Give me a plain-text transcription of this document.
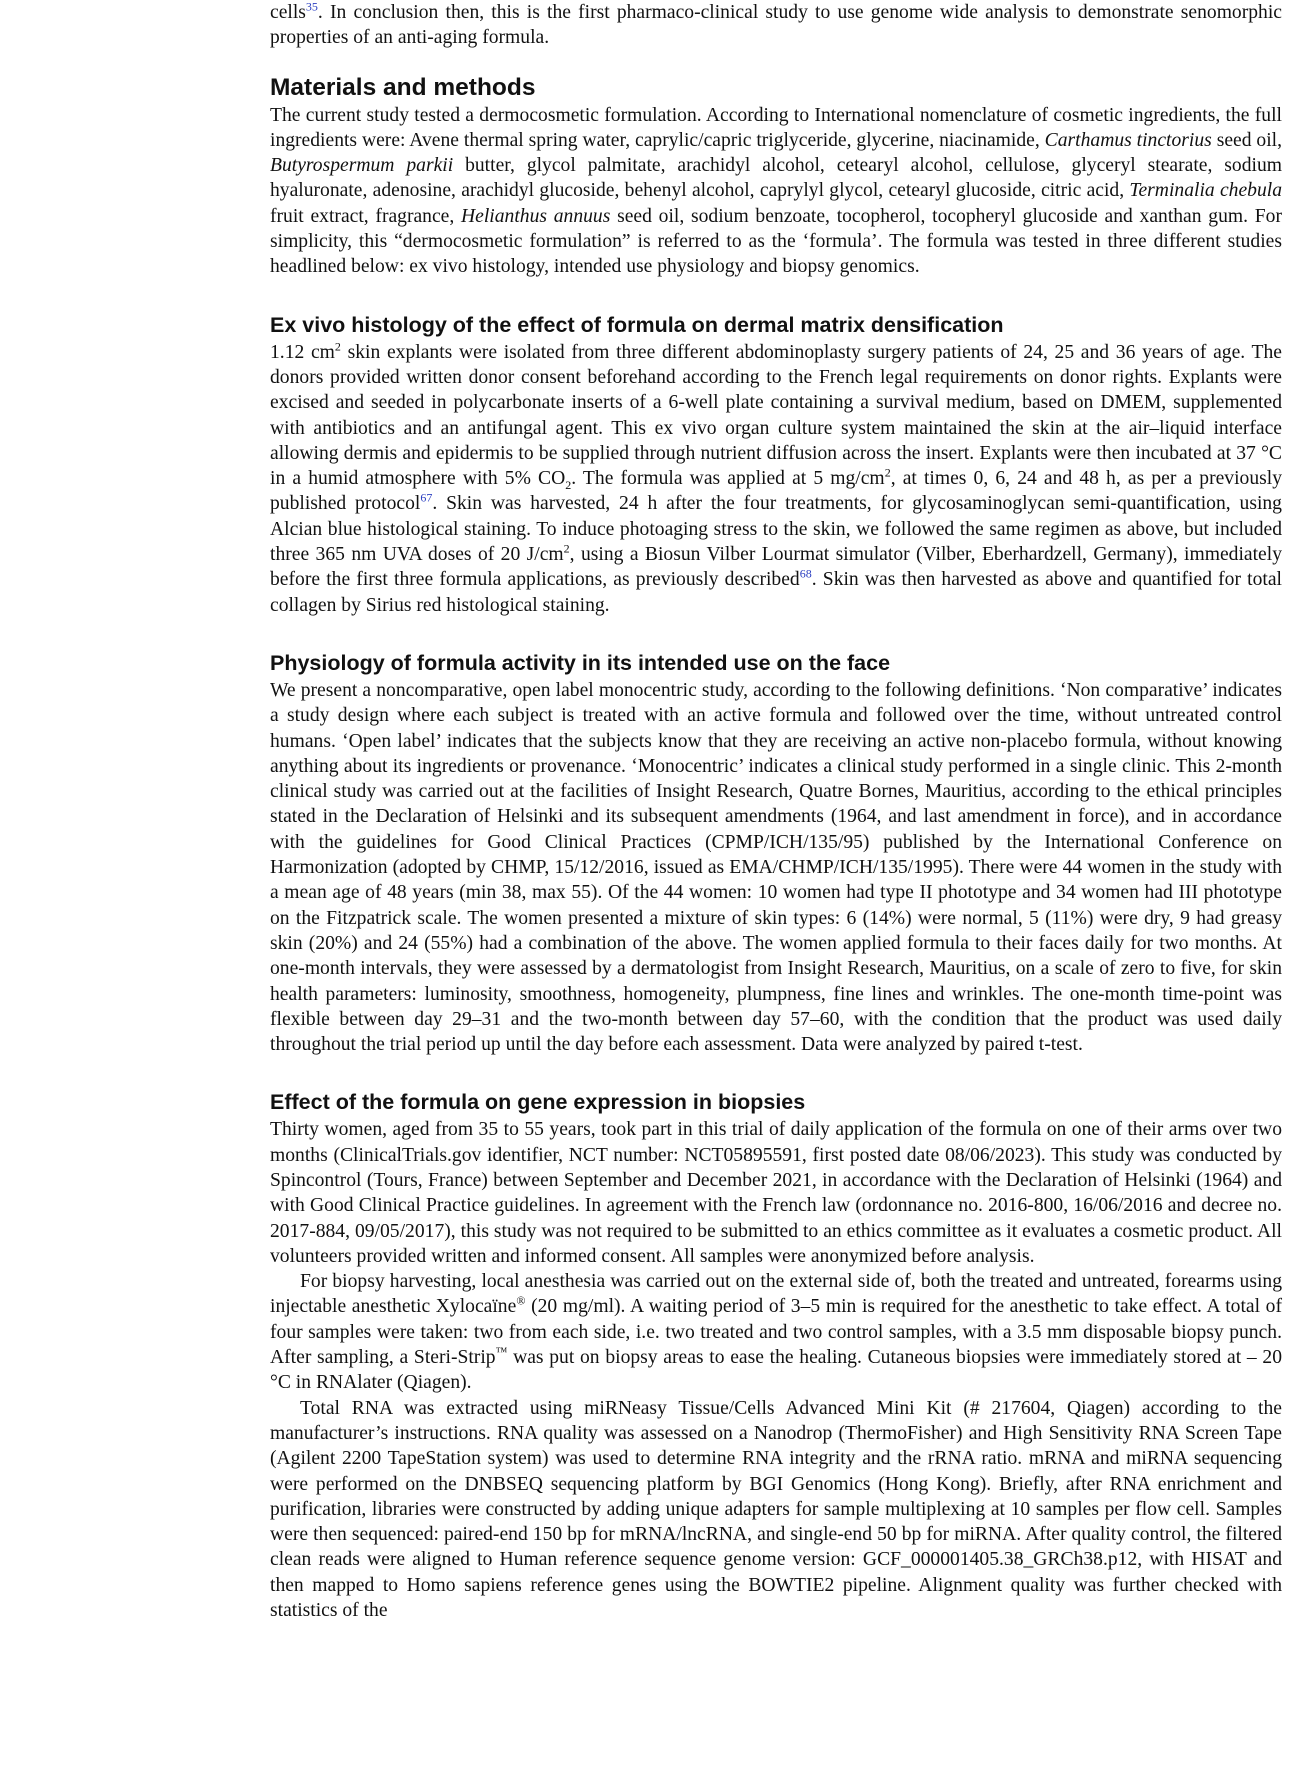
cells$^{35}$. In conclusion then, this is the first pharmaco-clinical study to use genome wide analysis to demonstrate senomorphic properties of an anti-aging formula.

Materials and methods

The current study tested a dermocosmetic formulation. According to International nomenclature of cosmetic ingredients, the full ingredients were: Avene thermal spring water, caprylic/capric triglyceride, glycerine, niacinamide, Carthamus tinctorius seed oil, Butyrospermum parkii butter, glycol palmitate, arachidyl alcohol, cetearyl alcohol, cellulose, glyceryl stearate, sodium hyaluronate, adenosine, arachidyl glucoside, behenyl alcohol, caprylyl glycol, cetearyl glucoside, citric acid, Terminalia chebula fruit extract, fragrance, Helianthus annuus seed oil, sodium benzoate, tocopherol, tocopheryl glucoside and xanthan gum. For simplicity, this “dermocosmetic formulation” is referred to as the ‘formula’. The formula was tested in three different studies headlined below: ex vivo histology, intended use physiology and biopsy genomics.

Ex vivo histology of the effect of formula on dermal matrix densification

1.12 $cm^2$ skin explants were isolated from three different abdominoplasty surgery patients of 24, 25 and 36 years of age. The donors provided written donor consent beforehand according to the French legal requirements on donor rights. Explants were excised and seeded in polycarbonate inserts of a 6-well plate containing a survival medium, based on DMEM, supplemented with antibiotics and an antifungal agent. This ex vivo organ culture system maintained the skin at the air–liquid interface allowing dermis and epidermis to be supplied through nutrient diffusion across the insert. Explants were then incubated at 37 °C in a humid atmosphere with 5% $CO_2$. The formula was applied at 5 $mg/cm^2$, at times 0, 6, 24 and 48 h, as per a previously published protocol$^{67}$. Skin was harvested, 24 h after the four treatments, for glycosaminoglycan semi-quantification, using Alcian blue histological staining. To induce photoaging stress to the skin, we followed the same regimen as above, but included three 365 nm UVA doses of 20 $J/cm^2$, using a Biosun Vilber Lourmat simulator (Vilber, Eberhardzell, Germany), immediately before the first three formula applications, as previously described$^{68}$. Skin was then harvested as above and quantified for total collagen by Sirius red histological staining.

Physiology of formula activity in its intended use on the face

We present a noncomparative, open label monocentric study, according to the following definitions. ‘Non comparative’ indicates a study design where each subject is treated with an active formula and followed over the time, without untreated control humans. ‘Open label’ indicates that the subjects know that they are receiving an active non-placebo formula, without knowing anything about its ingredients or provenance. ‘Monocentric’ indicates a clinical study performed in a single clinic. This 2-month clinical study was carried out at the facilities of Insight Research, Quatre Bornes, Mauritius, according to the ethical principles stated in the Declaration of Helsinki and its subsequent amendments (1964, and last amendment in force), and in accordance with the guidelines for Good Clinical Practices (CPMP/ICH/135/95) published by the International Conference on Harmonization (adopted by CHMP, 15/12/2016, issued as EMA/CHMP/ICH/135/1995). There were 44 women in the study with a mean age of 48 years (min 38, max 55). Of the 44 women: 10 women had type II phototype and 34 women had III phototype on the Fitzpatrick scale. The women presented a mixture of skin types: 6 (14%) were normal, 5 (11%) were dry, 9 had greasy skin (20%) and 24 (55%) had a combination of the above. The women applied formula to their faces daily for two months. At one-month intervals, they were assessed by a dermatologist from Insight Research, Mauritius, on a scale of zero to five, for skin health parameters: luminosity, smoothness, homogeneity, plumpness, fine lines and wrinkles. The one-month time-point was flexible between day 29–31 and the two-month between day 57–60, with the condition that the product was used daily throughout the trial period up until the day before each assessment. Data were analyzed by paired t-test.

Effect of the formula on gene expression in biopsies

Thirty women, aged from 35 to 55 years, took part in this trial of daily application of the formula on one of their arms over two months (ClinicalTrials.gov identifier, NCT number: NCT05895591, first posted date 08/06/2023). This study was conducted by Spincontrol (Tours, France) between September and December 2021, in accordance with the Declaration of Helsinki (1964) and with Good Clinical Practice guidelines. In agreement with the French law (ordonnance no. 2016-800, 16/06/2016 and decree no. 2017-884, 09/05/2017), this study was not required to be submitted to an ethics committee as it evaluates a cosmetic product. All volunteers provided written and informed consent. All samples were anonymized before analysis.

For biopsy harvesting, local anesthesia was carried out on the external side of, both the treated and untreated, forearms using injectable anesthetic Xylocaïne® (20 mg/ml). A waiting period of 3–5 min is required for the anesthetic to take effect. A total of four samples were taken: two from each side, i.e. two treated and two control samples, with a 3.5 mm disposable biopsy punch. After sampling, a Steri-Strip™ was put on biopsy areas to ease the healing. Cutaneous biopsies were immediately stored at – 20 °C in RNAlater (Qiagen).

Total RNA was extracted using miRNeasy Tissue/Cells Advanced Mini Kit (# 217604, Qiagen) according to the manufacturer’s instructions. RNA quality was assessed on a Nanodrop (ThermoFisher) and High Sensitivity RNA Screen Tape (Agilent 2200 TapeStation system) was used to determine RNA integrity and the rRNA ratio. mRNA and miRNA sequencing were performed on the DNBSEQ sequencing platform by BGI Genomics (Hong Kong). Briefly, after RNA enrichment and purification, libraries were constructed by adding unique adapters for sample multiplexing at 10 samples per flow cell. Samples were then sequenced: paired-end 150 bp for mRNA/lncRNA, and single-end 50 bp for miRNA. After quality control, the filtered clean reads were aligned to Human reference sequence genome version: GCF_000001405.38_GRCh38.p12, with HISAT and then mapped to Homo sapiens reference genes using the BOWTIE2 pipeline. Alignment quality was further checked with statistics of the
